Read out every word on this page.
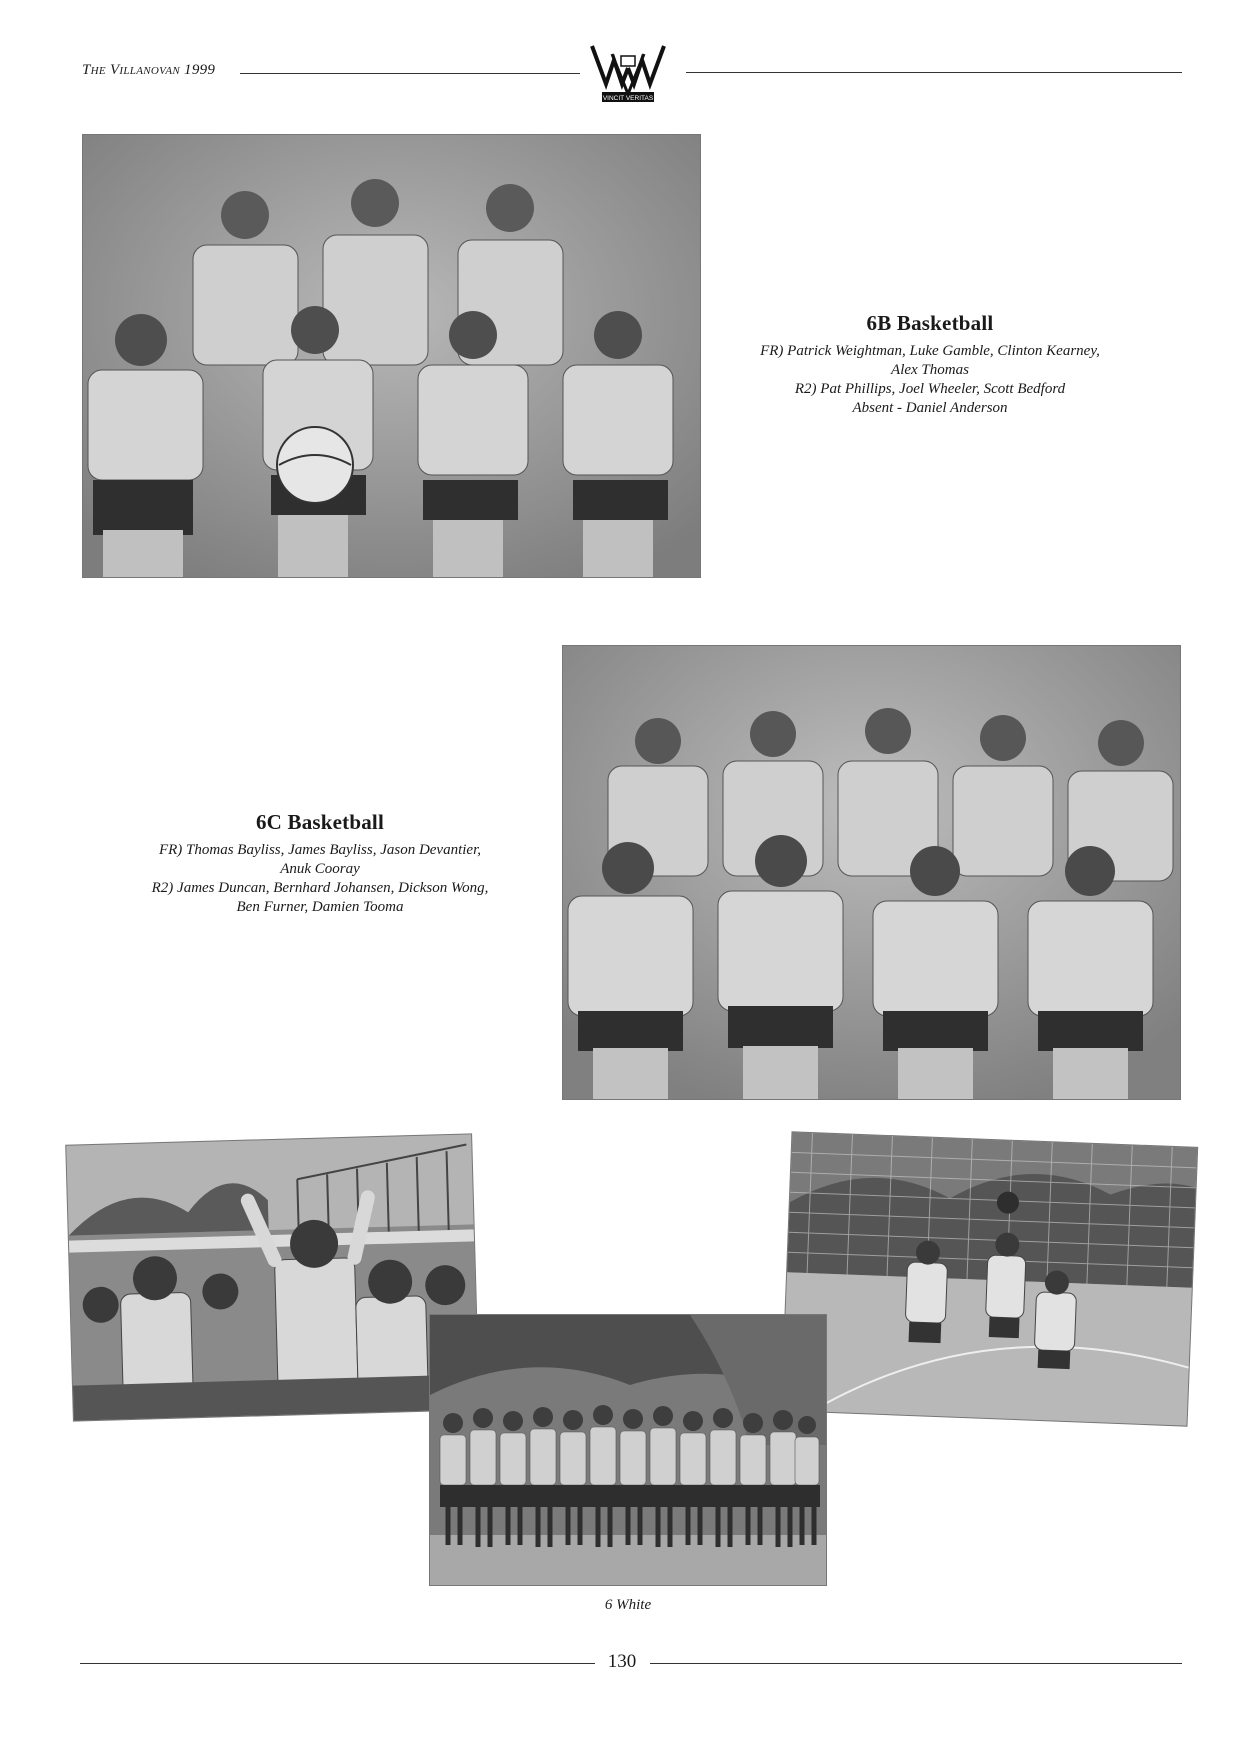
The Villanovan 1999
VINCIT VERITAS
6B Basketball
FR) Patrick Weightman, Luke Gamble, Clinton Kearney,
Alex Thomas
R2) Pat Phillips, Joel Wheeler, Scott Bedford
Absent - Daniel Anderson
6C Basketball
FR) Thomas Bayliss, James Bayliss, Jason Devantier,
Anuk Cooray
R2) James Duncan, Bernhard Johansen, Dickson Wong,
Ben Furner, Damien Tooma
6 White
130
